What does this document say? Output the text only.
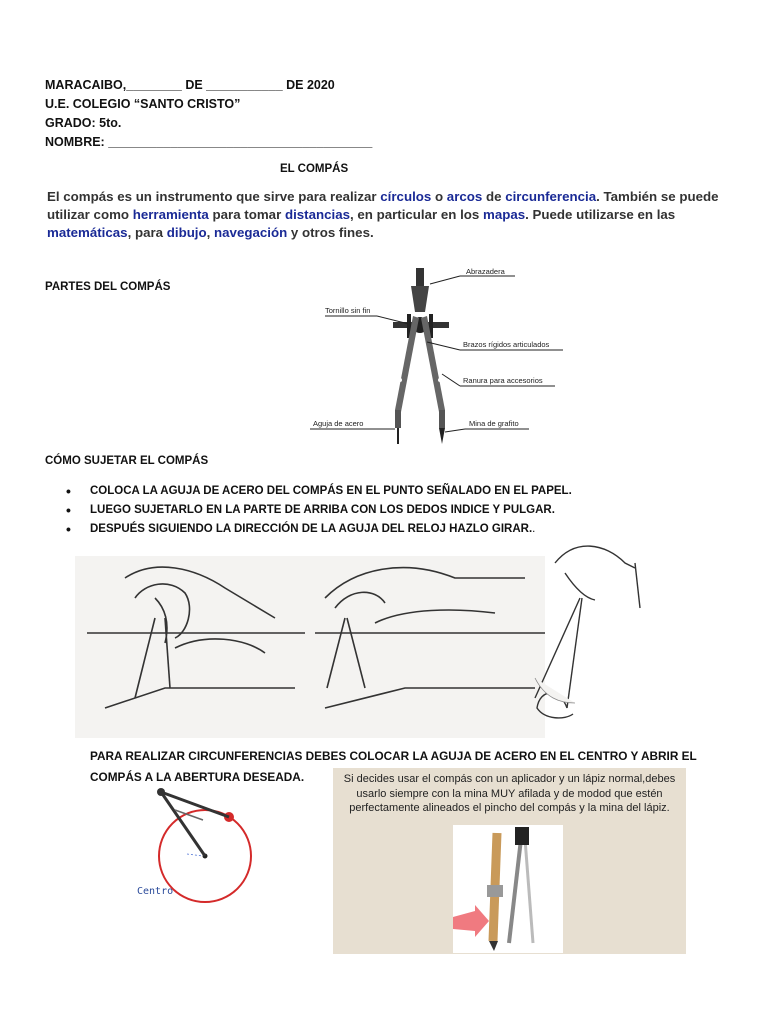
MARACAIBO,________ DE ___________ DE 2020
U.E. COLEGIO “SANTO CRISTO”
GRADO: 5to.
NOMBRE: ______________________________________
EL COMPÁS
El compás es un instrumento que sirve para realizar círculos o arcos de circunferencia. También se puede utilizar como herramienta para tomar distancias, en particular en los mapas. Puede utilizarse en las matemáticas, para dibujo, navegación y otros fines.
PARTES DEL COMPÁS
Abrazadera
Tornillo sin fin
Brazos rígidos articulados
Ranura para accesorios
Aguja de acero	Mina de grafito
CÓMO SUJETAR EL COMPÁS
• COLOCA LA AGUJA DE ACERO DEL COMPÁS EN EL PUNTO SEÑALADO EN EL PAPEL.
• LUEGO SUJETARLO EN LA PARTE DE ARRIBA CON LOS DEDOS INDICE Y PULGAR.
• DESPUÉS SIGUIENDO LA DIRECCIÓN DE LA AGUJA DEL RELOJ HAZLO GIRAR..
PARA REALIZAR CIRCUNFERENCIAS DEBES COLOCAR LA AGUJA DE ACERO EN EL CENTRO Y ABRIR EL COMPÁS A LA ABERTURA DESEADA.
Centro
Si decides usar el compás con un aplicador y un lápiz normal,debes usarlo siempre con la mina MUY afilada y de modod que estén perfectamente alineados el pincho del compás y la mina del lápiz.
